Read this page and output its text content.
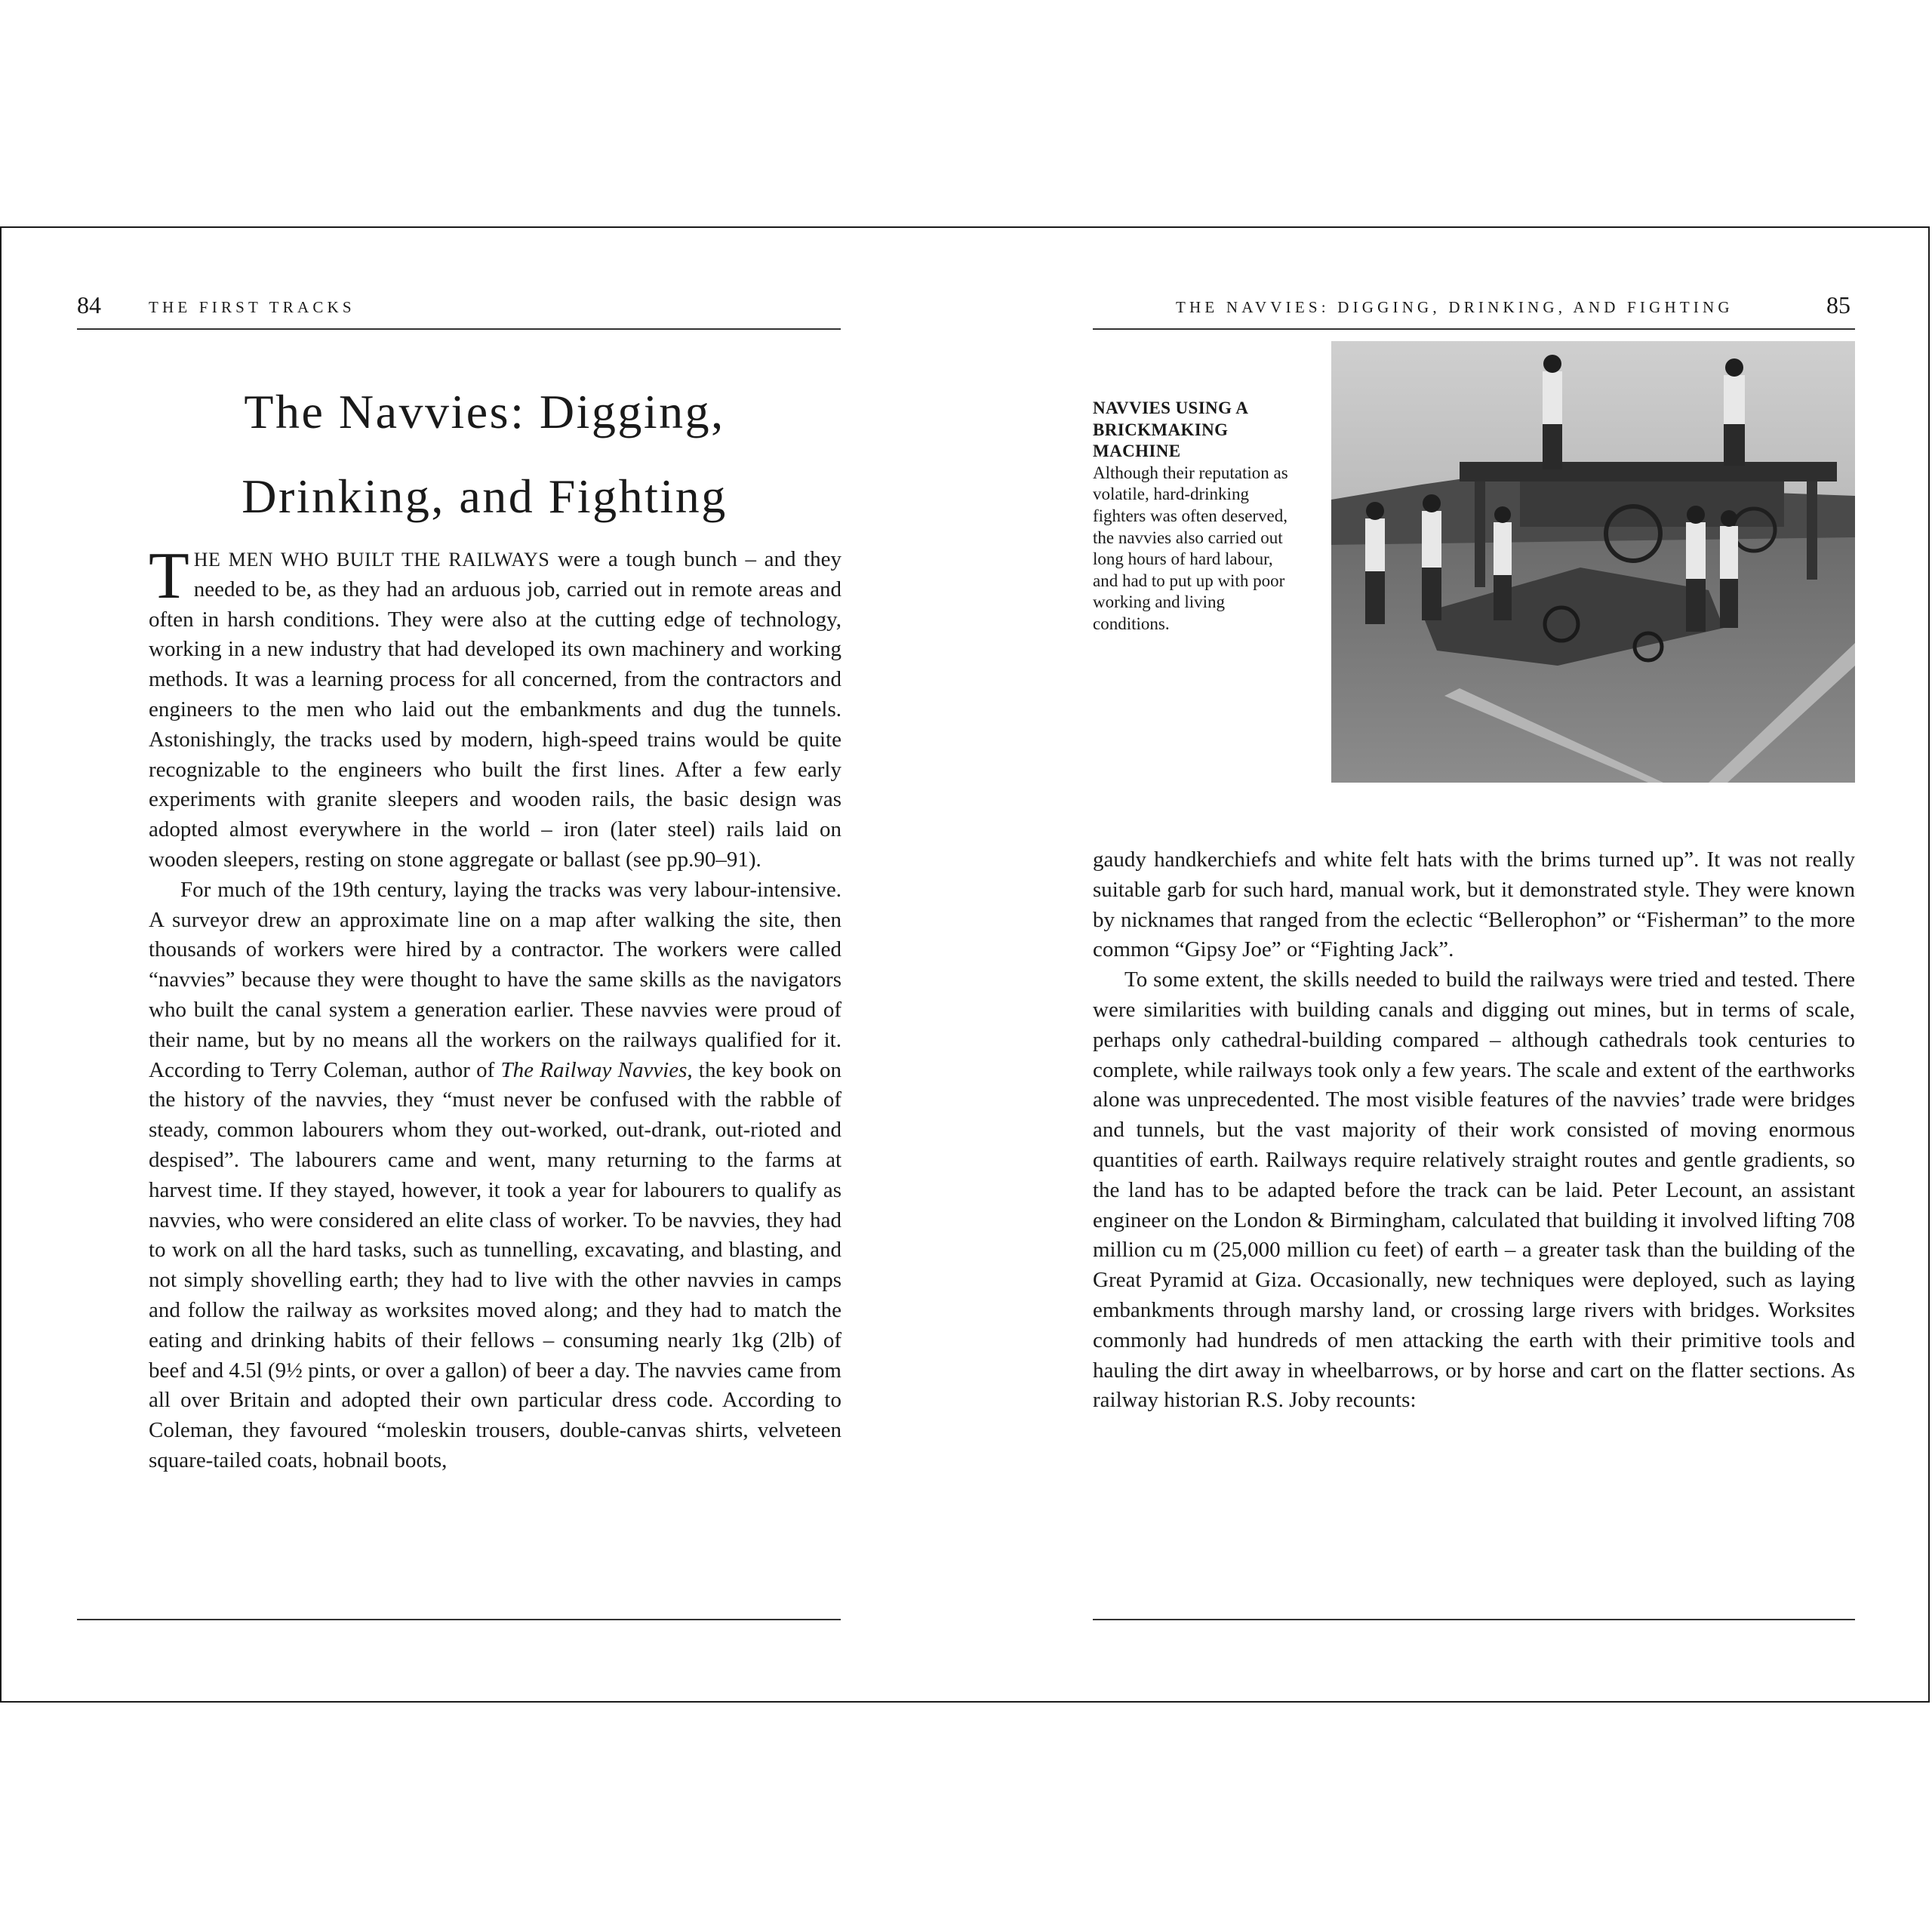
84	THE FIRST TRACKS
The Navvies: Digging,
Drinking, and Fighting

THE MEN WHO BUILT THE RAILWAYS were a tough bunch – and they needed to be, as they had an arduous job, carried out in remote areas and often in harsh conditions. They were also at the cutting edge of technology, working in a new industry that had developed its own machinery and working methods. It was a learning process for all concerned, from the contractors and engineers to the men who laid out the embankments and dug the tunnels. Astonishingly, the tracks used by modern, high-speed trains would be quite recognizable to the engineers who built the first lines. After a few early experiments with granite sleepers and wooden rails, the basic design was adopted almost everywhere in the world – iron (later steel) rails laid on wooden sleepers, resting on stone aggregate or ballast (see pp.90–91).

For much of the 19th century, laying the tracks was very labour-intensive. A surveyor drew an approximate line on a map after walking the site, then thousands of workers were hired by a contractor. The workers were called “navvies” because they were thought to have the same skills as the navigators who built the canal system a generation earlier. These navvies were proud of their name, but by no means all the workers on the railways qualified for it. According to Terry Coleman, author of The Railway Navvies, the key book on the history of the navvies, they “must never be confused with the rabble of steady, common labourers whom they out-worked, out-drank, out-rioted and despised”. The labourers came and went, many returning to the farms at harvest time. If they stayed, however, it took a year for labourers to qualify as navvies, who were considered an elite class of worker. To be navvies, they had to work on all the hard tasks, such as tunnelling, excavating, and blasting, and not simply shovelling earth; they had to live with the other navvies in camps and follow the railway as worksites moved along; and they had to match the eating and drinking habits of their fellows – consuming nearly 1kg (2lb) of beef and 4.5l (9½ pints, or over a gallon) of beer a day. The navvies came from all over Britain and adopted their own particular dress code. According to Coleman, they favoured “moleskin trousers, double-canvas shirts, velveteen square-tailed coats, hobnail boots,

THE NAVVIES: DIGGING, DRINKING, AND FIGHTING	85
NAVVIES USING A BRICKMAKING MACHINE
Although their reputation as volatile, hard-drinking fighters was often deserved, the navvies also carried out long hours of hard labour, and had to put up with poor working and living conditions.

gaudy handkerchiefs and white felt hats with the brims turned up”. It was not really suitable garb for such hard, manual work, but it demonstrated style. They were known by nicknames that ranged from the eclectic “Bellerophon” or “Fisherman” to the more common “Gipsy Joe” or “Fighting Jack”.

To some extent, the skills needed to build the railways were tried and tested. There were similarities with building canals and digging out mines, but in terms of scale, perhaps only cathedral-building compared – although cathedrals took centuries to complete, while railways took only a few years. The scale and extent of the earthworks alone was unprecedented. The most visible features of the navvies’ trade were bridges and tunnels, but the vast majority of their work consisted of moving enormous quantities of earth. Railways require relatively straight routes and gentle gradients, so the land has to be adapted before the track can be laid. Peter Lecount, an assistant engineer on the London & Birmingham, calculated that building it involved lifting 708 million cu m (25,000 million cu feet) of earth – a greater task than the building of the Great Pyramid at Giza. Occasionally, new techniques were deployed, such as laying embankments through marshy land, or crossing large rivers with bridges. Worksites commonly had hundreds of men attacking the earth with their primitive tools and hauling the dirt away in wheelbarrows, or by horse and cart on the flatter sections. As railway historian R.S. Joby recounts:
